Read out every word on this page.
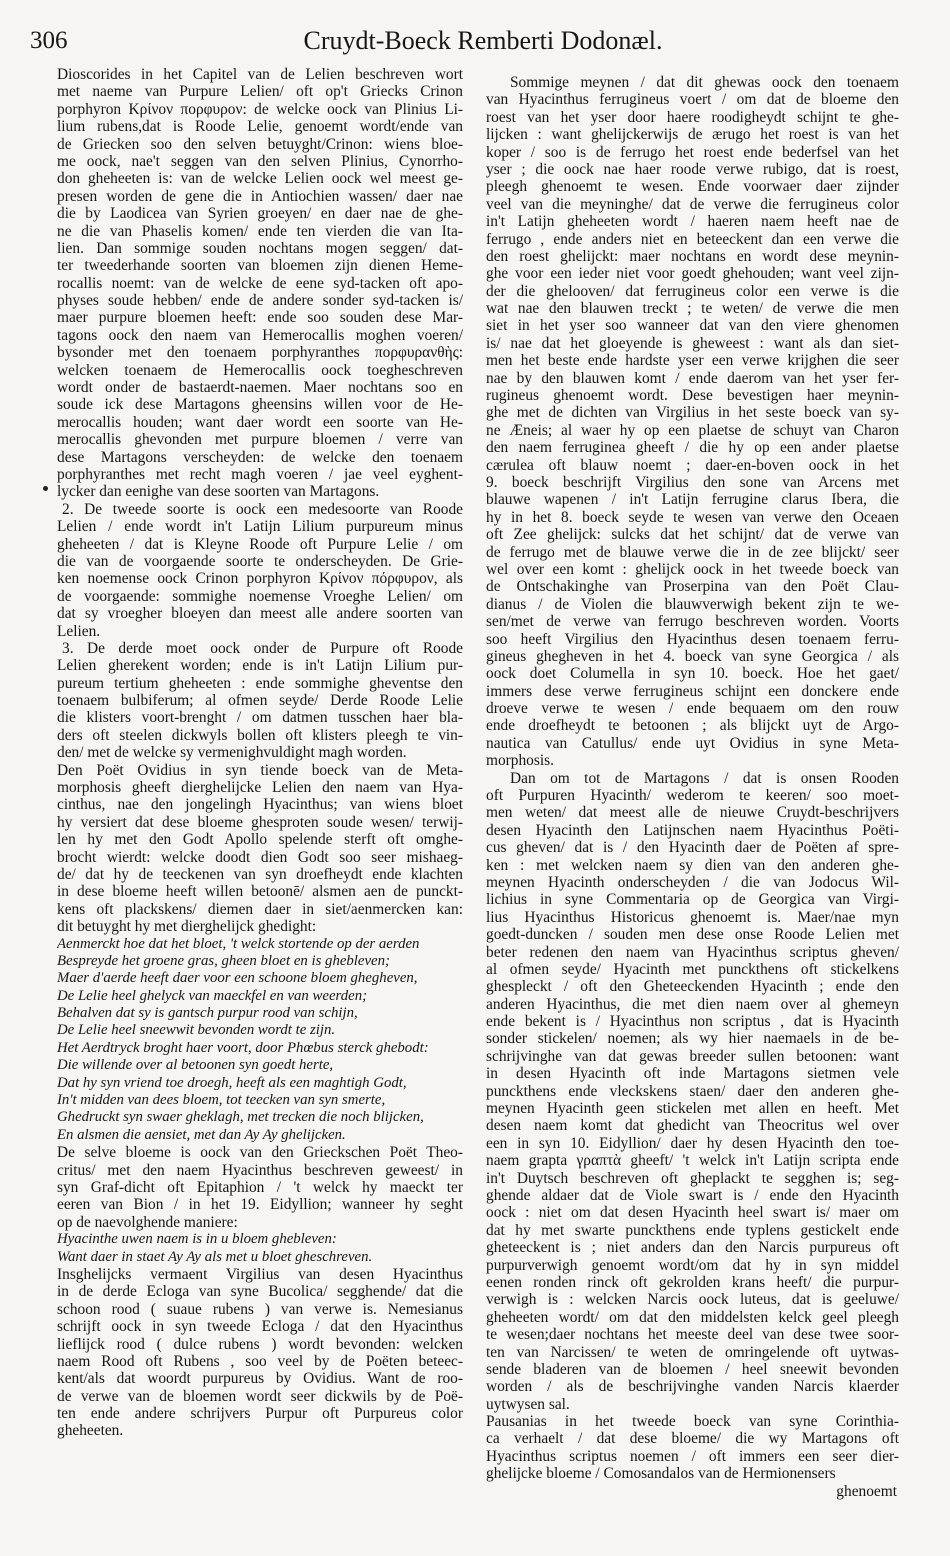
306	Cruydt-Boeck Remberti Dodonæl.
Dioscorides in het Capitel van de Lelien beschreven wort
met naeme van Purpure Lelien/ oft op't Griecks Crinon
porphyron Κρίνον πορφυρον: de welcke oock van Plinius Li-
lium rubens,dat is Roode Lelie, genoemt wordt/ende van
de Griecken soo den selven betuyght/Crinon: wiens bloe-
me oock, nae't seggen van den selven Plinius, Cynorrho-
don gheheeten is: van de welcke Lelien oock wel meest ge-
presen worden de gene die in Antiochien wassen/ daer nae
die by Laodicea van Syrien groeyen/ en daer nae de ghe-
ne die van Phaselis komen/ ende ten vierden die van Ita-
lien. Dan sommige souden nochtans mogen seggen/ dat-
ter tweederhande soorten van bloemen zijn dienen Heme-
rocallis noemt: van de welcke de eene syd-tacken oft apo-
physes soude hebben/ ende de andere sonder syd-tacken is/
maer purpure bloemen heeft: ende soo souden dese Mar-
tagons oock den naem van Hemerocallis moghen voeren/
bysonder met den toenaem porphyranthes πορφυρανθὴς:
welcken toenaem de Hemerocallis oock toegheschreven
wordt onder de bastaerdt-naemen. Maer nochtans soo en
soude ick dese Martagons gheensins willen voor de He-
merocallis houden; want daer wordt een soorte van He-
merocallis ghevonden met purpure bloemen / verre van
dese Martagons verscheyden: de welcke den toenaem
porphyranthes met recht magh voeren / jae veel eyghent-
lycker dan eenighe van dese soorten van Martagons.
2. De tweede soorte is oock een medesoorte van Roode
Lelien / ende wordt in't Latijn Lilium purpureum minus
gheheeten / dat is Kleyne Roode oft Purpure Lelie / om
die van de voorgaende soorte te onderscheyden. De Grie-
ken noemense oock Crinon porphyron Κρίνον πόρφυρον, als
de voorgaende: sommighe noemense Vroeghe Lelien/ om
dat sy vroegher bloeyen dan meest alle andere soorten van
Lelien.
3. De derde moet oock onder de Purpure oft Roode
Lelien gherekent worden; ende is in't Latijn Lilium pur-
pureum tertium gheheeten : ende sommighe gheventse den
toenaem bulbiferum; al ofmen seyde/ Derde Roode Lelie
die klisters voort-brenght / om datmen tusschen haer bla-
ders oft steelen dickwyls bollen oft klisters pleegh te vin-
den/ met de welcke sy vermenighvuldight magh worden.
Den Poët Ovidius in syn tiende boeck van de Meta-
morphosis gheeft dierghelijcke Lelien den naem van Hya-
cinthus, nae den jongelingh Hyacinthus; van wiens bloet
hy versiert dat dese bloeme ghesproten soude wesen/ terwij-
len hy met den Godt Apollo spelende sterft oft omghe-
brocht wierdt: welcke doodt dien Godt soo seer mishaeg-
de/ dat hy de teeckenen van syn droefheydt ende klachten
in dese bloeme heeft willen betoonē/ alsmen aen de punckt-
kens oft plackskens/ diemen daer in siet/aenmercken kan:
dit betuyght hy met dierghelijck ghedight:
Aenmerckt hoe dat het bloet, 't welck stortende op der aerden
Bespreyde het groene gras, gheen bloet en is ghebleven;
Maer d'aerde heeft daer voor een schoone bloem ghegheven,
De Lelie heel ghelyck van maeckfel en van weerden;
Behalven dat sy is gantsch purpur rood van schijn,
De Lelie heel sneewwit bevonden wordt te zijn.
Het Aerdtryck broght haer voort, door Phœbus sterck ghebodt:
Die willende over al betoonen syn goedt herte,
Dat hy syn vriend toe droegh, heeft als een maghtigh Godt,
In't midden van dees bloem, tot teecken van syn smerte,
Ghedruckt syn swaer gheklagh, met trecken die noch blijcken,
En alsmen die aensiet, met dan Ay Ay ghelijcken.
De selve bloeme is oock van den Grieckschen Poët Theo-
critus/ met den naem Hyacinthus beschreven geweest/ in
syn Graf-dicht oft Epitaphion / 't welck hy maeckt ter
eeren van Bion / in het 19. Eidyllion; wanneer hy seght
op de naevolghende maniere:
Hyacinthe uwen naem is in u bloem ghebleven:
Want daer in staet Ay Ay als met u bloet gheschreven.
Insghelijcks vermaent Virgilius van desen Hyacinthus
in de derde Ecloga van syne Bucolica/ segghende/ dat die
schoon rood ( suaue rubens ) van verwe is. Nemesianus
schrijft oock in syn tweede Ecloga / dat den Hyacinthus
lieflijck rood ( dulce rubens ) wordt bevonden: welcken
naem Rood oft Rubens , soo veel by de Poëten beteec-
kent/als dat woordt purpureus by Ovidius. Want de roo-
de verwe van de bloemen wordt seer dickwils by de Poë-
ten ende andere schrijvers Purpur oft Purpureus color
gheheeten.
Sommige meynen / dat dit ghewas oock den toenaem
van Hyacinthus ferrugineus voert / om dat de bloeme den
roest van het yser door haere roodigheydt schijnt te ghe-
lijcken : want ghelijckerwijs de ærugo het roest is van het
koper / soo is de ferrugo het roest ende bederfsel van het
yser ; die oock nae haer roode verwe rubigo, dat is roest,
pleegh ghenoemt te wesen. Ende voorwaer daer zijnder
veel van die meyninghe/ dat de verwe die ferrugineus color
in't Latijn gheheeten wordt / haeren naem heeft nae de
ferrugo , ende anders niet en beteeckent dan een verwe die
den roest ghelijckt: maer nochtans en wordt dese meynin-
ghe voor een ieder niet voor goedt ghehouden; want veel zijn-
der die ghelooven/ dat ferrugineus color een verwe is die
wat nae den blauwen treckt ; te weten/ de verwe die men
siet in het yser soo wanneer dat van den viere ghenomen
is/ nae dat het gloeyende is gheweest : want als dan siet-
men het beste ende hardste yser een verwe krijghen die seer
nae by den blauwen komt / ende daerom van het yser fer-
rugineus ghenoemt wordt. Dese bevestigen haer meynin-
ghe met de dichten van Virgilius in het seste boeck van sy-
ne Æneis; al waer hy op een plaetse de schuyt van Charon
den naem ferruginea gheeft / die hy op een ander plaetse
cærulea oft blauw noemt ; daer-en-boven oock in het
9. boeck beschrijft Virgilius den sone van Arcens met
blauwe wapenen / in't Latijn ferrugine clarus Ibera, die
hy in het 8. boeck seyde te wesen van verwe den Oceaen
oft Zee ghelijck: sulcks dat het schijnt/ dat de verwe van
de ferrugo met de blauwe verwe die in de zee blijckt/ seer
wel over een komt : ghelijck oock in het tweede boeck van
de Ontschakinghe van Proserpina van den Poët Clau-
dianus / de Violen die blauwverwigh bekent zijn te we-
sen/met de verwe van ferrugo beschreven worden. Voorts
soo heeft Virgilius den Hyacinthus desen toenaem ferru-
gineus ghegheven in het 4. boeck van syne Georgica / als
oock doet Columella in syn 10. boeck. Hoe het gaet/
immers dese verwe ferrugineus schijnt een donckere ende
droeve verwe te wesen / ende bequaem om den rouw
ende droefheydt te betoonen ; als blijckt uyt de Argo-
nautica van Catullus/ ende uyt Ovidius in syne Meta-
morphosis.
Dan om tot de Martagons / dat is onsen Rooden
oft Purpuren Hyacinth/ wederom te keeren/ soo moet-
men weten/ dat meest alle de nieuwe Cruydt-beschrijvers
desen Hyacinth den Latijnschen naem Hyacinthus Poëti-
cus gheven/ dat is / den Hyacinth daer de Poëten af spre-
ken : met welcken naem sy dien van den anderen ghe-
meynen Hyacinth onderscheyden / die van Jodocus Wil-
lichius in syne Commentaria op de Georgica van Virgi-
lius Hyacinthus Historicus ghenoemt is. Maer/nae myn
goedt-duncken / souden men dese onse Roode Lelien met
beter redenen den naem van Hyacinthus scriptus gheven/
al ofmen seyde/ Hyacinth met punckthens oft stickelkens
ghespleckt / oft den Gheteeckenden Hyacinth ; ende den
anderen Hyacinthus, die met dien naem over al ghemeyn
ende bekent is / Hyacinthus non scriptus , dat is Hyacinth
sonder stickelen/ noemen; als wy hier naemaels in de be-
schrijvinghe van dat gewas breeder sullen betoonen: want
in desen Hyacinth oft inde Martagons sietmen vele
punckthens ende vleckskens staen/ daer den anderen ghe-
meynen Hyacinth geen stickelen met allen en heeft. Met
desen naem komt dat ghedicht van Theocritus wel over
een in syn 10. Eidyllion/ daer hy desen Hyacinth den toe-
naem grapta γραπτὰ gheeft/ 't welck in't Latijn scripta ende
in't Duytsch beschreven oft gheplackt te segghen is; seg-
ghende aldaer dat de Viole swart is / ende den Hyacinth
oock : niet om dat desen Hyacinth heel swart is/ maer om
dat hy met swarte punckthens ende typlens gestickelt ende
gheteeckent is ; niet anders dan den Narcis purpureus oft
purpurverwigh genoemt wordt/om dat hy in syn middel
eenen ronden rinck oft gekrolden krans heeft/ die purpur-
verwigh is : welcken Narcis oock luteus, dat is geeluwe/
gheheeten wordt/ om dat den middelsten kelck geel pleegh
te wesen;daer nochtans het meeste deel van dese twee soor-
ten van Narcissen/ te weten de omringelende oft uytwas-
sende bladeren van de bloemen / heel sneewit bevonden
worden / als de beschrijvinghe vanden Narcis klaerder
uytwysen sal.
Pausanias in het tweede boeck van syne Corinthia-
ca verhaelt / dat dese bloeme/ die wy Martagons oft
Hyacinthus scriptus noemen / oft immers een seer dier-
ghelijcke bloeme / Comosandalos van de Hermionensers
ghenoemt
